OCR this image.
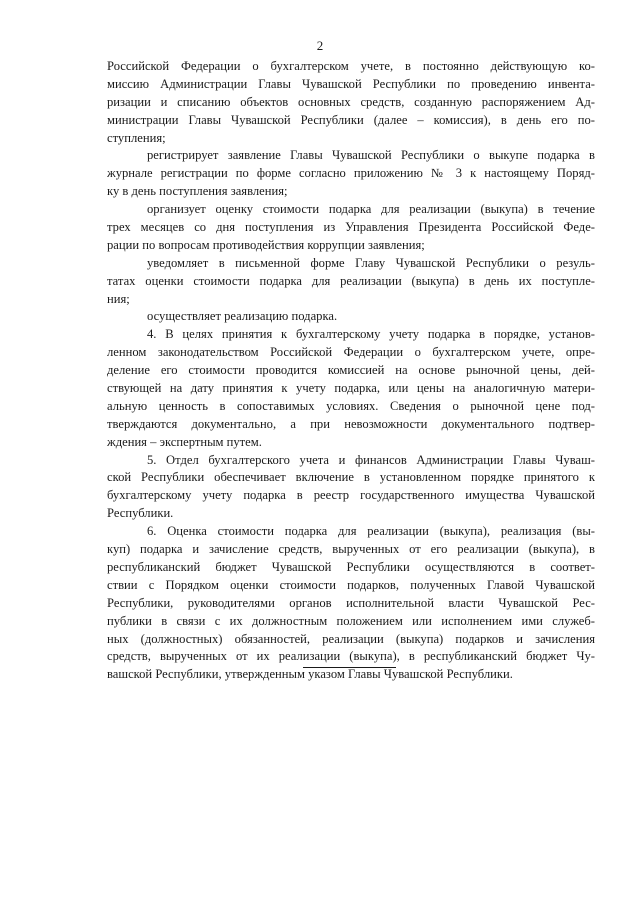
2
Российской Федерации о бухгалтерском учете, в постоянно действующую ко-
миссию Администрации Главы Чувашской Республики по проведению инвента-
ризации и списанию объектов основных средств, созданную распоряжением Ад-
министрации Главы Чувашской Республики (далее – комиссия), в день его по-
ступления;
регистрирует заявление Главы Чувашской Республики о выкупе подарка в
журнале регистрации по форме согласно приложению № 3 к настоящему Поряд-
ку в день поступления заявления;
организует оценку стоимости подарка для реализации (выкупа) в течение
трех месяцев со дня поступления из Управления Президента Российской Феде-
рации по вопросам противодействия коррупции заявления;
уведомляет в письменной форме Главу Чувашской Республики о резуль-
татах оценки стоимости подарка для реализации (выкупа) в день их поступле-
ния;
осуществляет реализацию подарка.
4. В целях принятия к бухгалтерскому учету подарка в порядке, установ-
ленном законодательством Российской Федерации о бухгалтерском учете, опре-
деление его стоимости проводится комиссией на основе рыночной цены, дей-
ствующей на дату принятия к учету подарка, или цены на аналогичную матери-
альную ценность в сопоставимых условиях. Сведения о рыночной цене под-
тверждаются документально, а при невозможности документального подтвер-
ждения – экспертным путем.
5. Отдел бухгалтерского учета и финансов Администрации Главы Чуваш-
ской Республики обеспечивает включение в установленном порядке принятого к
бухгалтерскому учету подарка в реестр государственного имущества Чувашской
Республики.
6. Оценка стоимости подарка для реализации (выкупа), реализация (вы-
куп) подарка и зачисление средств, вырученных от его реализации (выкупа), в
республиканский бюджет Чувашской Республики осуществляются в соответ-
ствии с Порядком оценки стоимости подарков, полученных Главой Чувашской
Республики, руководителями органов исполнительной власти Чувашской Рес-
публики в связи с их должностным положением или исполнением ими служеб-
ных (должностных) обязанностей, реализации (выкупа) подарков и зачисления
средств, вырученных от их реализации (выкупа), в республиканский бюджет Чу-
вашской Республики, утвержденным указом Главы Чувашской Республики.
